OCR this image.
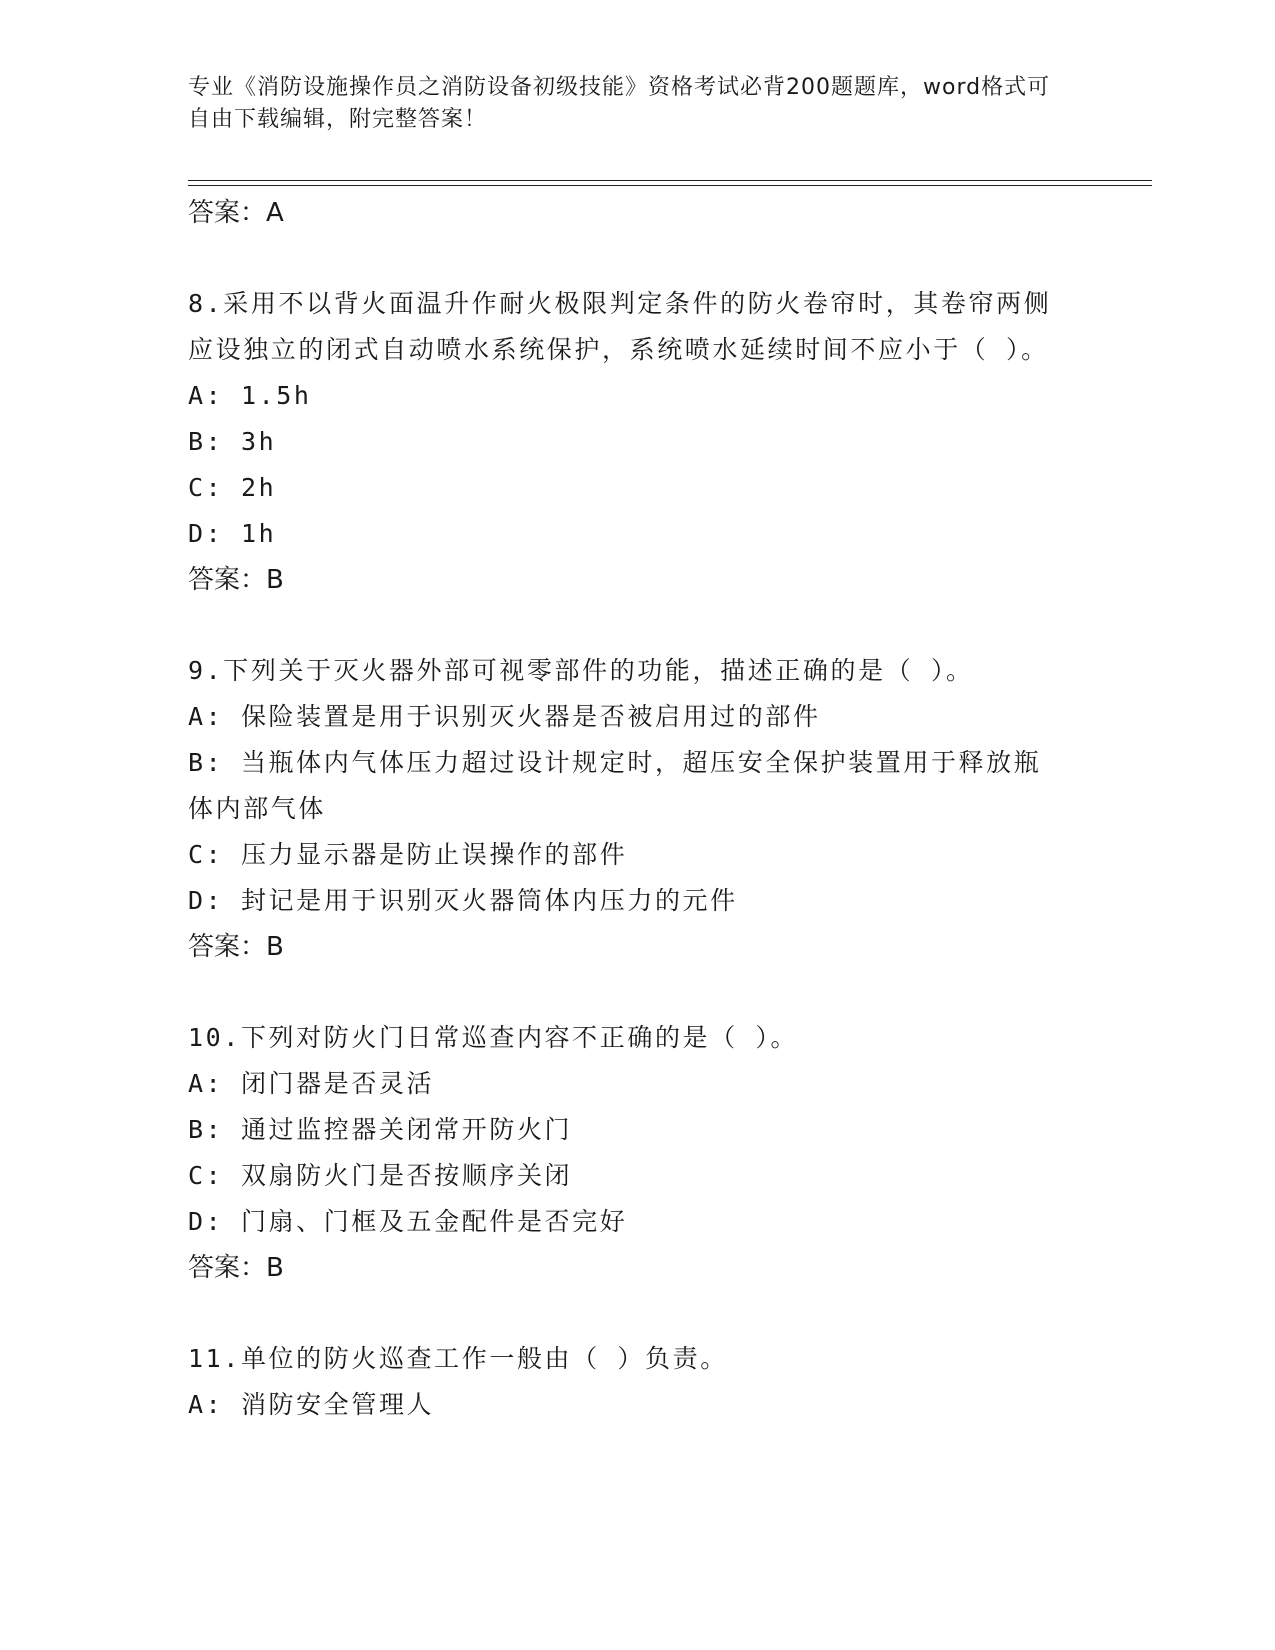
专业《消防设施操作员之消防设备初级技能》资格考试必背200题题库，word格式可自由下载编辑，附完整答案！
答案：A
8.采用不以背火面温升作耐火极限判定条件的防火卷帘时，其卷帘两侧应设独立的闭式自动喷水系统保护，系统喷水延续时间不应小于（ ）。
A: 1.5h
B: 3h
C: 2h
D: 1h
答案：B
9.下列关于灭火器外部可视零部件的功能，描述正确的是（ ）。
A: 保险装置是用于识别灭火器是否被启用过的部件
B: 当瓶体内气体压力超过设计规定时，超压安全保护装置用于释放瓶体内部气体
C: 压力显示器是防止误操作的部件
D: 封记是用于识别灭火器筒体内压力的元件
答案：B
10.下列对防火门日常巡查内容不正确的是（ ）。
A: 闭门器是否灵活
B: 通过监控器关闭常开防火门
C: 双扇防火门是否按顺序关闭
D: 门扇、门框及五金配件是否完好
答案：B
11.单位的防火巡查工作一般由（ ）负责。
A: 消防安全管理人
